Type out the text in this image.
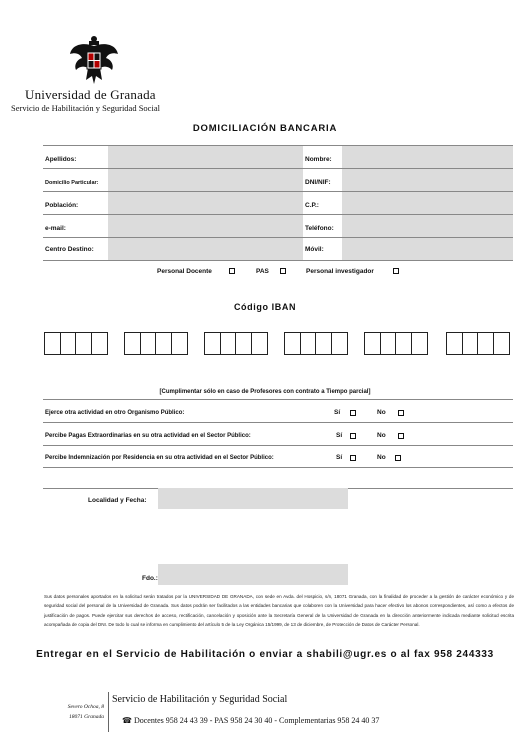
Universidad de Granada
Servicio de Habilitación y Seguridad Social
DOMICILIACIÓN BANCARIA
Apellidos:	Nombre:
Domicilio Particular:	DNI/NIF:
Población:	C.P.:
e-mail:	Teléfono:
Centro Destino:	Móvil:
Personal Docente	PAS	Personal investigador
Código IBAN
[Cumplimentar sólo en caso de Profesores con contrato a Tiempo parcial]
Ejerce otra actividad en otro Organismo Público:	Sí	No
Percibe Pagas Extraordinarias en su otra actividad en el Sector Público:	Sí	No
Percibe Indemnización por Residencia en su otra actividad en el Sector Público:	Sí	No
Localidad y Fecha:
Fdo.:
Sus datos personales aportados en la solicitud serán tratados por la UNIVERSIDAD DE GRANADA, con sede en Avda. del Hospicio, s/n, 18071 Granada, con la finalidad de proceder a la gestión de carácter económico y de seguridad social del personal de la Universidad de Granada. Sus datos podrán ser facilitados a las entidades bancarias que colaboren con la Universidad para hacer efectivo los abonos correspondientes, así como a efectos de justificación de pagos. Puede ejercitar sus derechos de acceso, rectificación, cancelación y oposición ante la Secretaría General de la Universidad de Granada en la dirección anteriormente indicada mediante solicitud escrita acompañada de copia del DNI. De todo lo cual se informa en cumplimiento del artículo 5 de la Ley Orgánica 15/1999, de 13 de diciembre, de Protección de Datos de Carácter Personal.
Entregar en el Servicio de Habilitación o enviar a shabili@ugr.es o al fax 958 244333
Severo Ochoa, 8
18071 Granada
Servicio de Habilitación y Seguridad Social
☎ Docentes 958 24 43 39 - PAS 958 24 30 40 - Complementarias 958 24 40 37
